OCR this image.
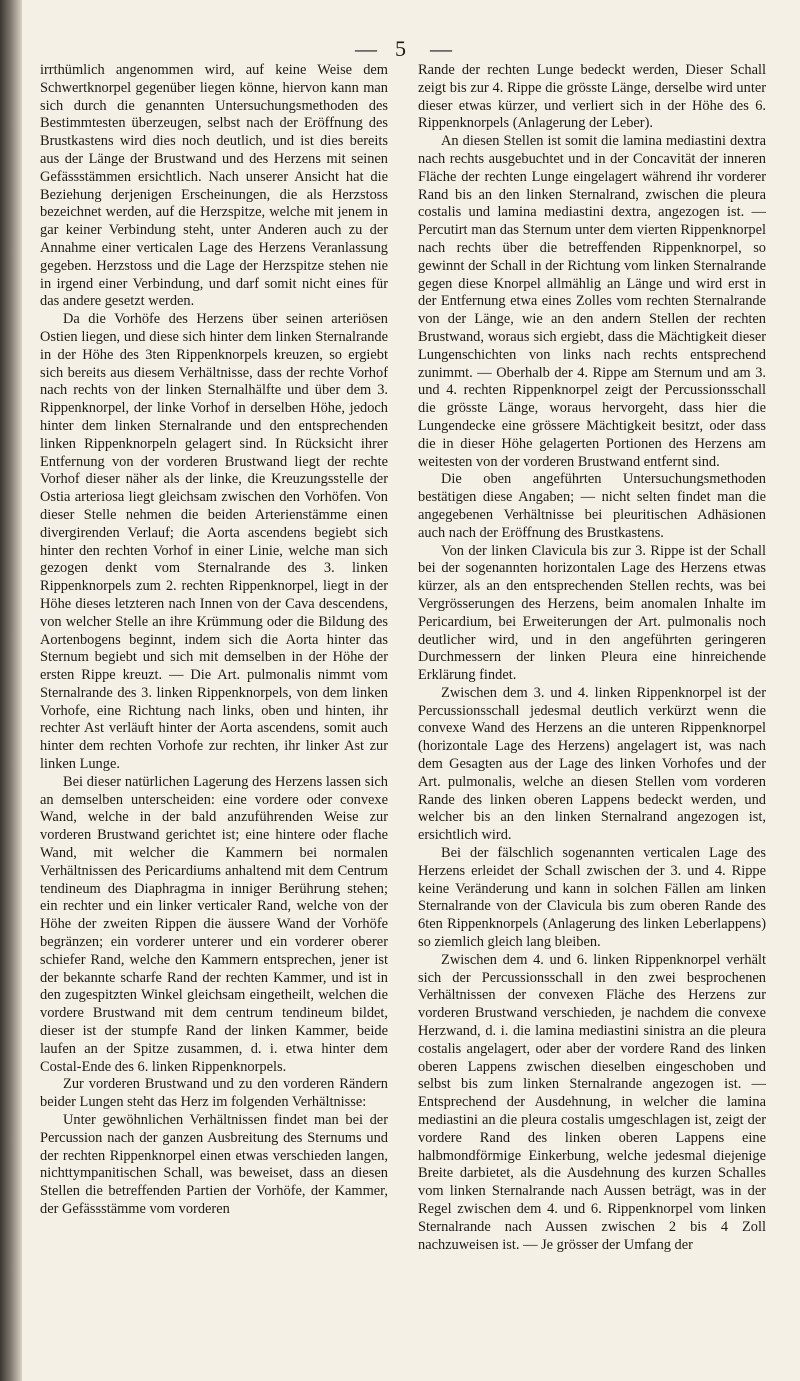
— 5 —

irrthümlich angenommen wird, auf keine Weise dem Schwertknorpel gegenüber liegen könne, hiervon kann man sich durch die genannten Untersuchungsmethoden des Bestimmtesten überzeugen, selbst nach der Eröffnung des Brustkastens wird dies noch deutlich, und ist dies bereits aus der Länge der Brustwand und des Herzens mit seinen Gefässstämmen ersichtlich. Nach unserer Ansicht hat die Beziehung derjenigen Erscheinungen, die als Herzstoss bezeichnet werden, auf die Herzspitze, welche mit jenem in gar keiner Verbindung steht, unter Anderen auch zu der Annahme einer verticalen Lage des Herzens Veranlassung gegeben. Herzstoss und die Lage der Herzspitze stehen nie in irgend einer Verbindung, und darf somit nicht eines für das andere gesetzt werden.

Da die Vorhöfe des Herzens über seinen arteriösen Ostien liegen, und diese sich hinter dem linken Sternalrande in der Höhe des 3ten Rippenknorpels kreuzen, so ergiebt sich bereits aus diesem Verhältnisse, dass der rechte Vorhof nach rechts von der linken Sternalhälfte und über dem 3. Rippenknorpel, der linke Vorhof in derselben Höhe, jedoch hinter dem linken Sternalrande und den entsprechenden linken Rippenknorpeln gelagert sind. In Rücksicht ihrer Entfernung von der vorderen Brustwand liegt der rechte Vorhof dieser näher als der linke, die Kreuzungsstelle der Ostia arteriosa liegt gleichsam zwischen den Vorhöfen. Von dieser Stelle nehmen die beiden Arterienstämme einen divergirenden Verlauf; die Aorta ascendens begiebt sich hinter den rechten Vorhof in einer Linie, welche man sich gezogen denkt vom Sternalrande des 3. linken Rippenknorpels zum 2. rechten Rippenknorpel, liegt in der Höhe dieses letzteren nach Innen von der Cava descendens, von welcher Stelle an ihre Krümmung oder die Bildung des Aortenbogens beginnt, indem sich die Aorta hinter das Sternum begiebt und sich mit demselben in der Höhe der ersten Rippe kreuzt. — Die Art. pulmonalis nimmt vom Sternalrande des 3. linken Rippenknorpels, von dem linken Vorhofe, eine Richtung nach links, oben und hinten, ihr rechter Ast verläuft hinter der Aorta ascendens, somit auch hinter dem rechten Vorhofe zur rechten, ihr linker Ast zur linken Lunge.

Bei dieser natürlichen Lagerung des Herzens lassen sich an demselben unterscheiden: eine vordere oder convexe Wand, welche in der bald anzuführenden Weise zur vorderen Brustwand gerichtet ist; eine hintere oder flache Wand, mit welcher die Kammern bei normalen Verhältnissen des Pericardiums anhaltend mit dem Centrum tendineum des Diaphragma in inniger Berührung stehen; ein rechter und ein linker verticaler Rand, welche von der Höhe der zweiten Rippen die äussere Wand der Vorhöfe begränzen; ein vorderer unterer und ein vorderer oberer schiefer Rand, welche den Kammern entsprechen, jener ist der bekannte scharfe Rand der rechten Kammer, und ist in den zugespitzten Winkel gleichsam eingetheilt, welchen die vordere Brustwand mit dem centrum tendineum bildet, dieser ist der stumpfe Rand der linken Kammer, beide laufen an der Spitze zusammen, d. i. etwa hinter dem Costal-Ende des 6. linken Rippenknorpels.

Zur vorderen Brustwand und zu den vorderen Rändern beider Lungen steht das Herz im folgenden Verhältnisse:

Unter gewöhnlichen Verhältnissen findet man bei der Percussion nach der ganzen Ausbreitung des Sternums und der rechten Rippenknorpel einen etwas verschieden langen, nichttympanitischen Schall, was beweiset, dass an diesen Stellen die betreffenden Partien der Vorhöfe, der Kammer, der Gefässstämme vom vorderen

Rande der rechten Lunge bedeckt werden, Dieser Schall zeigt bis zur 4. Rippe die grösste Länge, derselbe wird unter dieser etwas kürzer, und verliert sich in der Höhe des 6. Rippenknorpels (Anlagerung der Leber).

An diesen Stellen ist somit die lamina mediastini dextra nach rechts ausgebuchtet und in der Concavität der inneren Fläche der rechten Lunge eingelagert während ihr vorderer Rand bis an den linken Sternalrand, zwischen die pleura costalis und lamina mediastini dextra, angezogen ist. — Percutirt man das Sternum unter dem vierten Rippenknorpel nach rechts über die betreffenden Rippenknorpel, so gewinnt der Schall in der Richtung vom linken Sternalrande gegen diese Knorpel allmählig an Länge und wird erst in der Entfernung etwa eines Zolles vom rechten Sternalrande von der Länge, wie an den andern Stellen der rechten Brustwand, woraus sich ergiebt, dass die Mächtigkeit dieser Lungenschichten von links nach rechts entsprechend zunimmt. — Oberhalb der 4. Rippe am Sternum und am 3. und 4. rechten Rippenknorpel zeigt der Percussionsschall die grösste Länge, woraus hervorgeht, dass hier die Lungendecke eine grössere Mächtigkeit besitzt, oder dass die in dieser Höhe gelagerten Portionen des Herzens am weitesten von der vorderen Brustwand entfernt sind.

Die oben angeführten Untersuchungsmethoden bestätigen diese Angaben; — nicht selten findet man die angegebenen Verhältnisse bei pleuritischen Adhäsionen auch nach der Eröffnung des Brustkastens.

Von der linken Clavicula bis zur 3. Rippe ist der Schall bei der sogenannten horizontalen Lage des Herzens etwas kürzer, als an den entsprechenden Stellen rechts, was bei Vergrösserungen des Herzens, beim anomalen Inhalte im Pericardium, bei Erweiterungen der Art. pulmonalis noch deutlicher wird, und in den angeführten geringeren Durchmessern der linken Pleura eine hinreichende Erklärung findet.

Zwischen dem 3. und 4. linken Rippenknorpel ist der Percussionsschall jedesmal deutlich verkürzt wenn die convexe Wand des Herzens an die unteren Rippenknorpel (horizontale Lage des Herzens) angelagert ist, was nach dem Gesagten aus der Lage des linken Vorhofes und der Art. pulmonalis, welche an diesen Stellen vom vorderen Rande des linken oberen Lappens bedeckt werden, und welcher bis an den linken Sternalrand angezogen ist, ersichtlich wird.

Bei der fälschlich sogenannten verticalen Lage des Herzens erleidet der Schall zwischen der 3. und 4. Rippe keine Veränderung und kann in solchen Fällen am linken Sternalrande von der Clavicula bis zum oberen Rande des 6ten Rippenknorpels (Anlagerung des linken Leberlappens) so ziemlich gleich lang bleiben.

Zwischen dem 4. und 6. linken Rippenknorpel verhält sich der Percussionsschall in den zwei besprochenen Verhältnissen der convexen Fläche des Herzens zur vorderen Brustwand verschieden, je nachdem die convexe Herzwand, d. i. die lamina mediastini sinistra an die pleura costalis angelagert, oder aber der vordere Rand des linken oberen Lappens zwischen dieselben eingeschoben und selbst bis zum linken Sternalrande angezogen ist. — Entsprechend der Ausdehnung, in welcher die lamina mediastini an die pleura costalis umgeschlagen ist, zeigt der vordere Rand des linken oberen Lappens eine halbmondförmige Einkerbung, welche jedesmal diejenige Breite darbietet, als die Ausdehnung des kurzen Schalles vom linken Sternalrande nach Aussen beträgt, was in der Regel zwischen dem 4. und 6. Rippenknorpel vom linken Sternalrande nach Aussen zwischen 2 bis 4 Zoll nachzuweisen ist. — Je grösser der Umfang der
